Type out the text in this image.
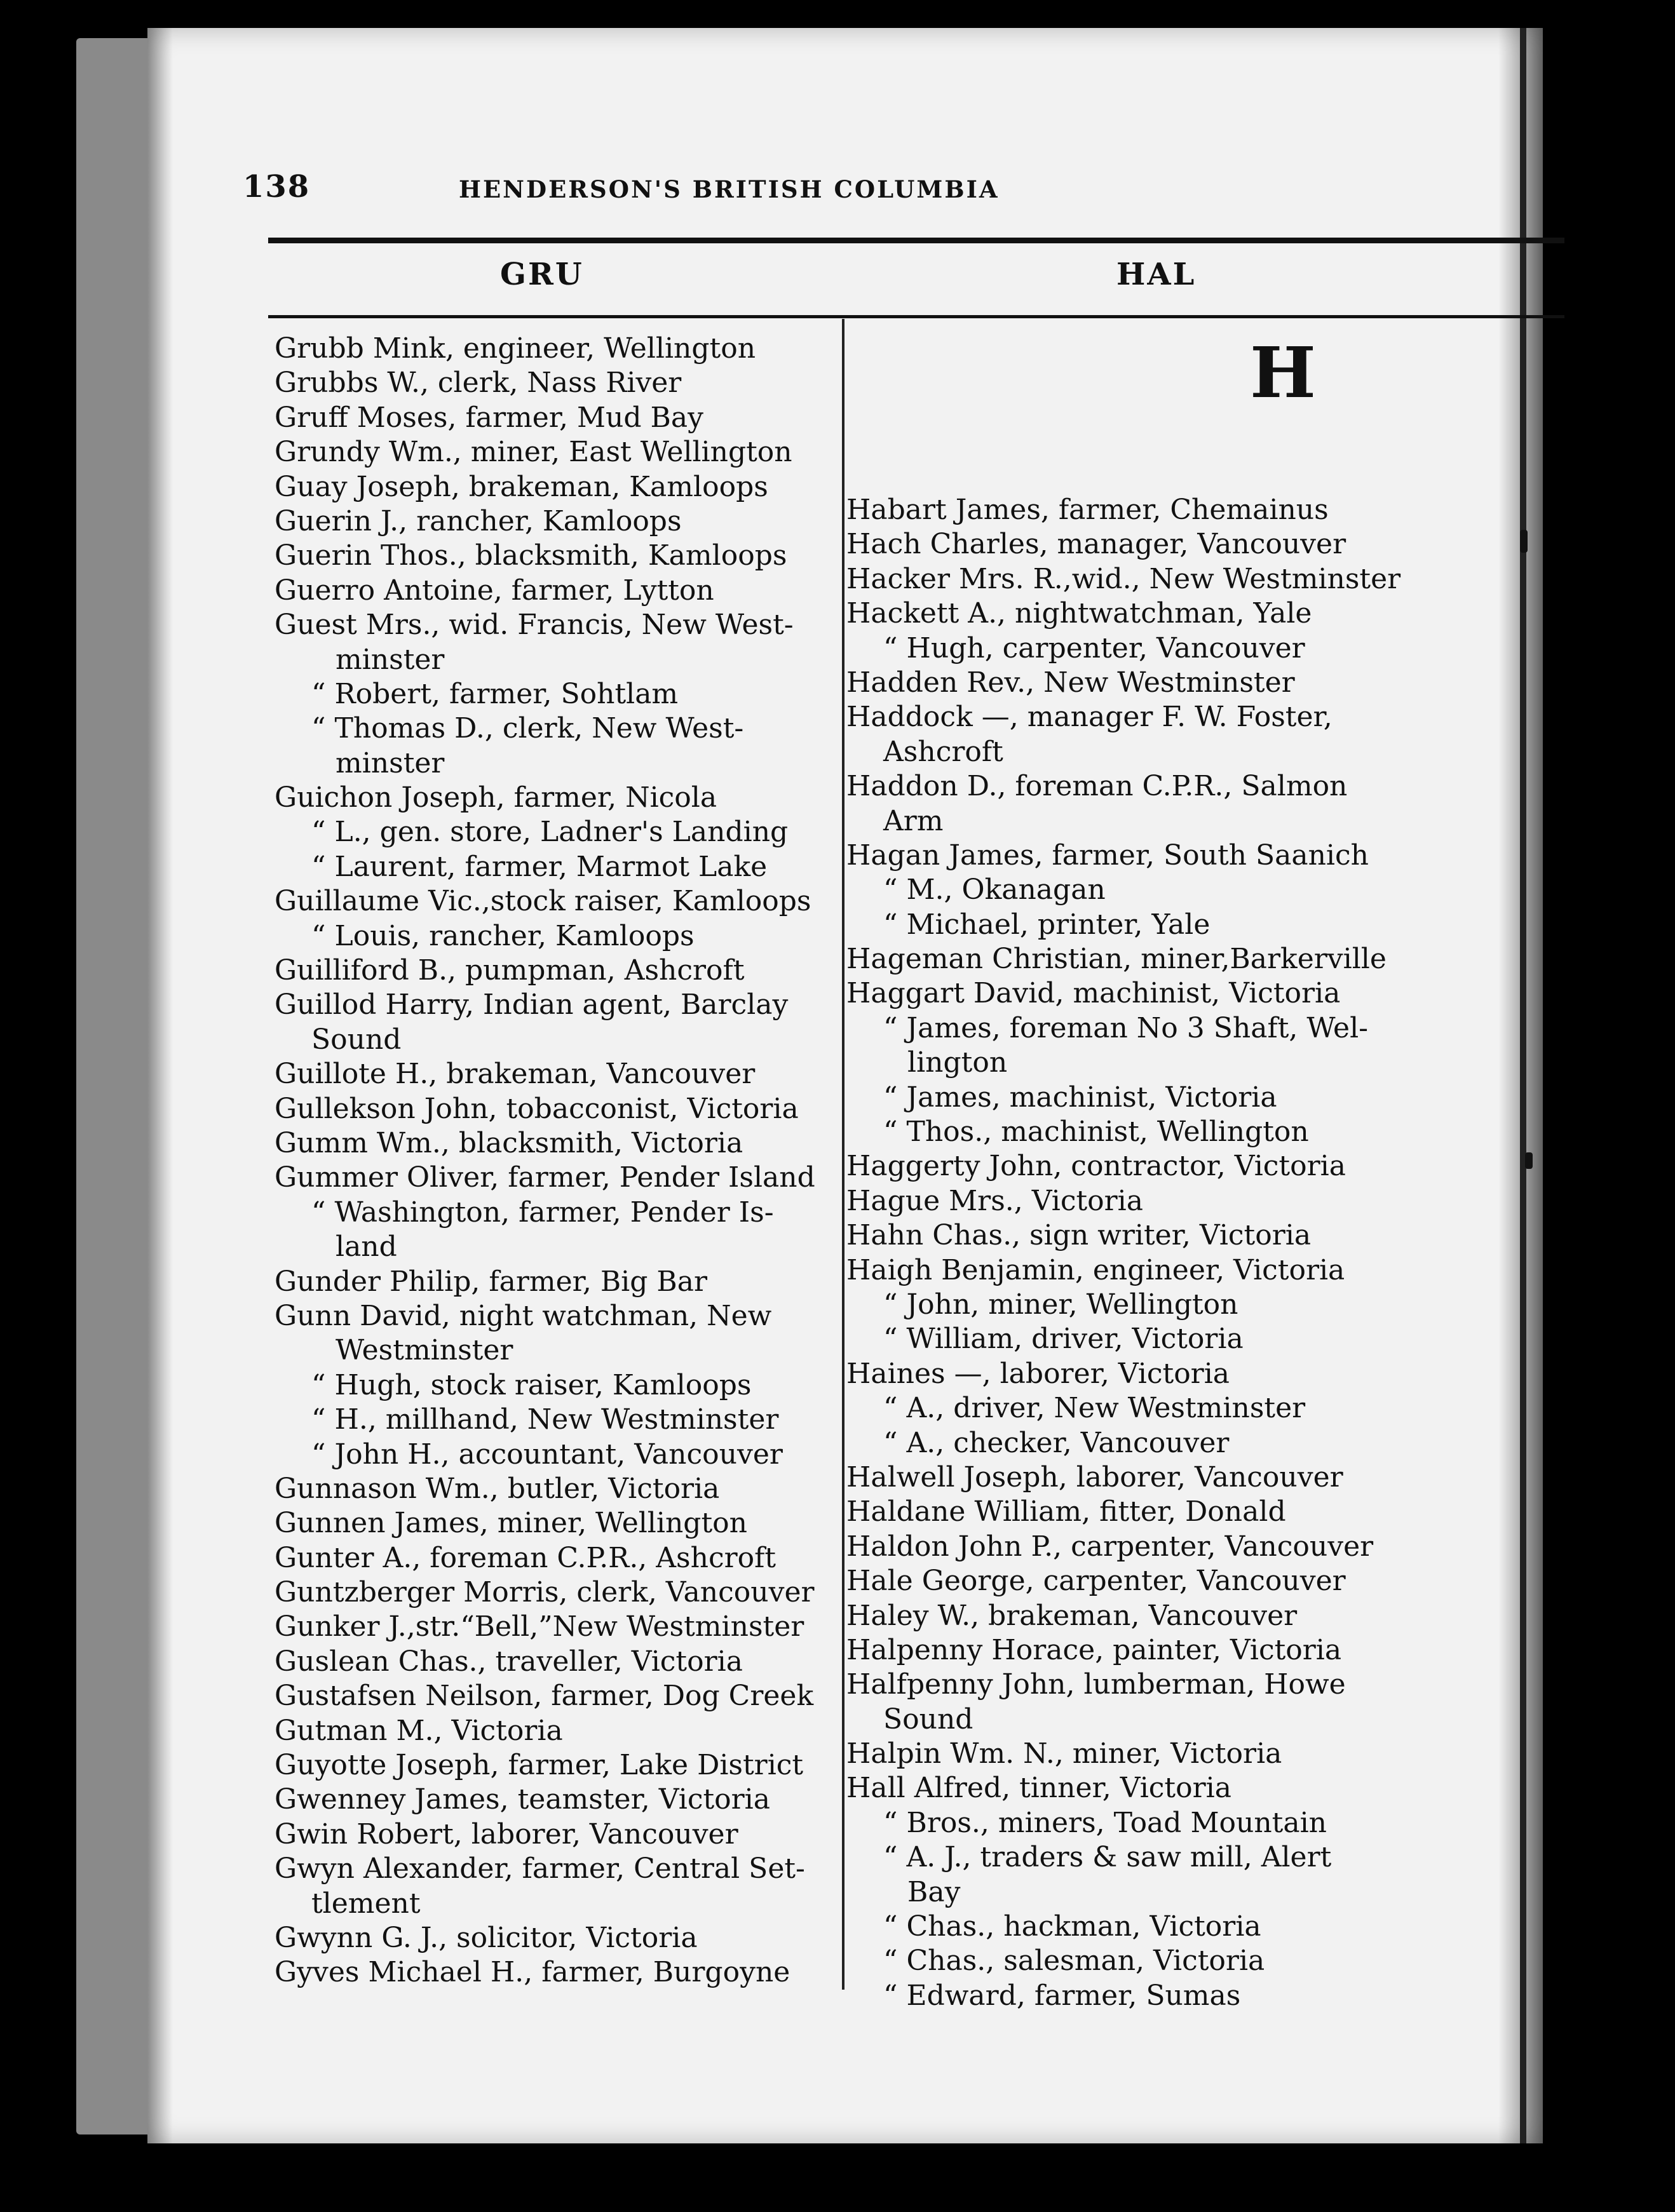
138	HENDERSON'S BRITISH COLUMBIA
GRU	HAL
Grubb Mink, engineer, Wellington
Grubbs W., clerk, Nass River
Gruff Moses, farmer, Mud Bay
Grundy Wm., miner, East Wellington
Guay Joseph, brakeman, Kamloops
Guerin J., rancher, Kamloops
Guerin Thos., blacksmith, Kamloops
Guerro Antoine, farmer, Lytton
Guest Mrs., wid. Francis, New West-
minster
“ Robert, farmer, Sohtlam
“ Thomas D., clerk, New West-
minster
Guichon Joseph, farmer, Nicola
“ L., gen. store, Ladner's Landing
“ Laurent, farmer, Marmot Lake
Guillaume Vic.,stock raiser, Kamloops
“ Louis, rancher, Kamloops
Guilliford B., pumpman, Ashcroft
Guillod Harry, Indian agent, Barclay
Sound
Guillote H., brakeman, Vancouver
Gullekson John, tobacconist, Victoria
Gumm Wm., blacksmith, Victoria
Gummer Oliver, farmer, Pender Island
“ Washington, farmer, Pender Is-
land
Gunder Philip, farmer, Big Bar
Gunn David, night watchman, New
Westminster
“ Hugh, stock raiser, Kamloops
“ H., millhand, New Westminster
“ John H., accountant, Vancouver
Gunnason Wm., butler, Victoria
Gunnen James, miner, Wellington
Gunter A., foreman C.P.R., Ashcroft
Guntzberger Morris, clerk, Vancouver
Gunker J.,str.“Bell,”New Westminster
Guslean Chas., traveller, Victoria
Gustafsen Neilson, farmer, Dog Creek
Gutman M., Victoria
Guyotte Joseph, farmer, Lake District
Gwenney James, teamster, Victoria
Gwin Robert, laborer, Vancouver
Gwyn Alexander, farmer, Central Set-
tlement
Gwynn G. J., solicitor, Victoria
Gyves Michael H., farmer, Burgoyne
H
Habart James, farmer, Chemainus
Hach Charles, manager, Vancouver
Hacker Mrs. R.,wid., New Westminster
Hackett A., nightwatchman, Yale
“ Hugh, carpenter, Vancouver
Hadden Rev., New Westminster
Haddock —, manager F. W. Foster,
Ashcroft
Haddon D., foreman C.P.R., Salmon
Arm
Hagan James, farmer, South Saanich
“ M., Okanagan
“ Michael, printer, Yale
Hageman Christian, miner,Barkerville
Haggart David, machinist, Victoria
“ James, foreman No 3 Shaft, Wel-
lington
“ James, machinist, Victoria
“ Thos., machinist, Wellington
Haggerty John, contractor, Victoria
Hague Mrs., Victoria
Hahn Chas., sign writer, Victoria
Haigh Benjamin, engineer, Victoria
“ John, miner, Wellington
“ William, driver, Victoria
Haines —, laborer, Victoria
“ A., driver, New Westminster
“ A., checker, Vancouver
Halwell Joseph, laborer, Vancouver
Haldane William, fitter, Donald
Haldon John P., carpenter, Vancouver
Hale George, carpenter, Vancouver
Haley W., brakeman, Vancouver
Halpenny Horace, painter, Victoria
Halfpenny John, lumberman, Howe
Sound
Halpin Wm. N., miner, Victoria
Hall Alfred, tinner, Victoria
“ Bros., miners, Toad Mountain
“ A. J., traders & saw mill, Alert
Bay
“ Chas., hackman, Victoria
“ Chas., salesman, Victoria
“ Edward, farmer, Sumas
